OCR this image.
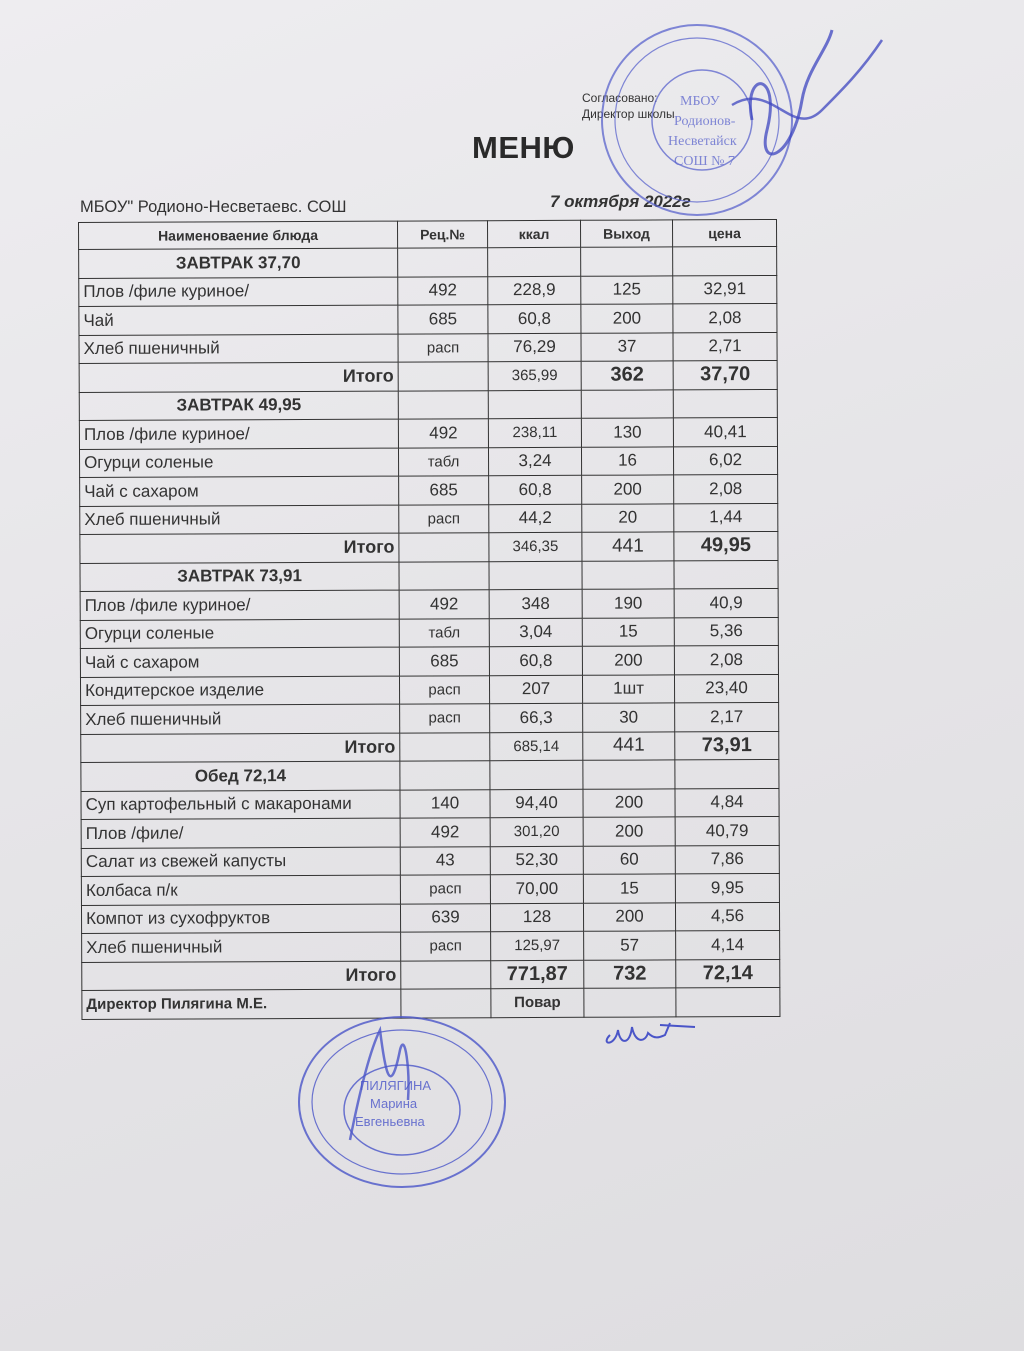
Согласовано:
Директор школы
МЕНЮ
МБОУ" Родионо-Несветаевс. СОШ	7 октября 2022г
Наименоваение блюда	Рец.№	ккал	Выход	цена
ЗАВТРАК 37,70				
Плов /филе куриное/	492	228,9	125	32,91
Чай	685	60,8	200	2,08
Хлеб пшеничный	расп	76,29	37	2,71
Итого		365,99	362	37,70
ЗАВТРАК 49,95				
Плов /филе куриное/	492	238,11	130	40,41
Огурци соленые	табл	3,24	16	6,02
Чай с сахаром	685	60,8	200	2,08
Хлеб пшеничный	расп	44,2	20	1,44
Итого		346,35	441	49,95
ЗАВТРАК 73,91				
Плов /филе куриное/	492	348	190	40,9
Огурци соленые	табл	3,04	15	5,36
Чай с сахаром	685	60,8	200	2,08
Кондитерское изделие	расп	207	1шт	23,40
Хлеб пшеничный	расп	66,3	30	2,17
Итого		685,14	441	73,91
Обед 72,14				
Суп картофельный с макаронами	140	94,40	200	4,84
Плов /филе/	492	301,20	200	40,79
Салат из свежей капусты	43	52,30	60	7,86
Колбаса п/к	расп	70,00	15	9,95
Компот из сухофруктов	639	128	200	4,56
Хлеб пшеничный	расп	125,97	57	4,14
Итого		771,87	732	72,14
Директор Пилягина М.Е.		Повар		
МБОУ
Родионов-
Несветайск
СОШ № 7
ПИЛЯГИНА
Марина
Евгеньевна
